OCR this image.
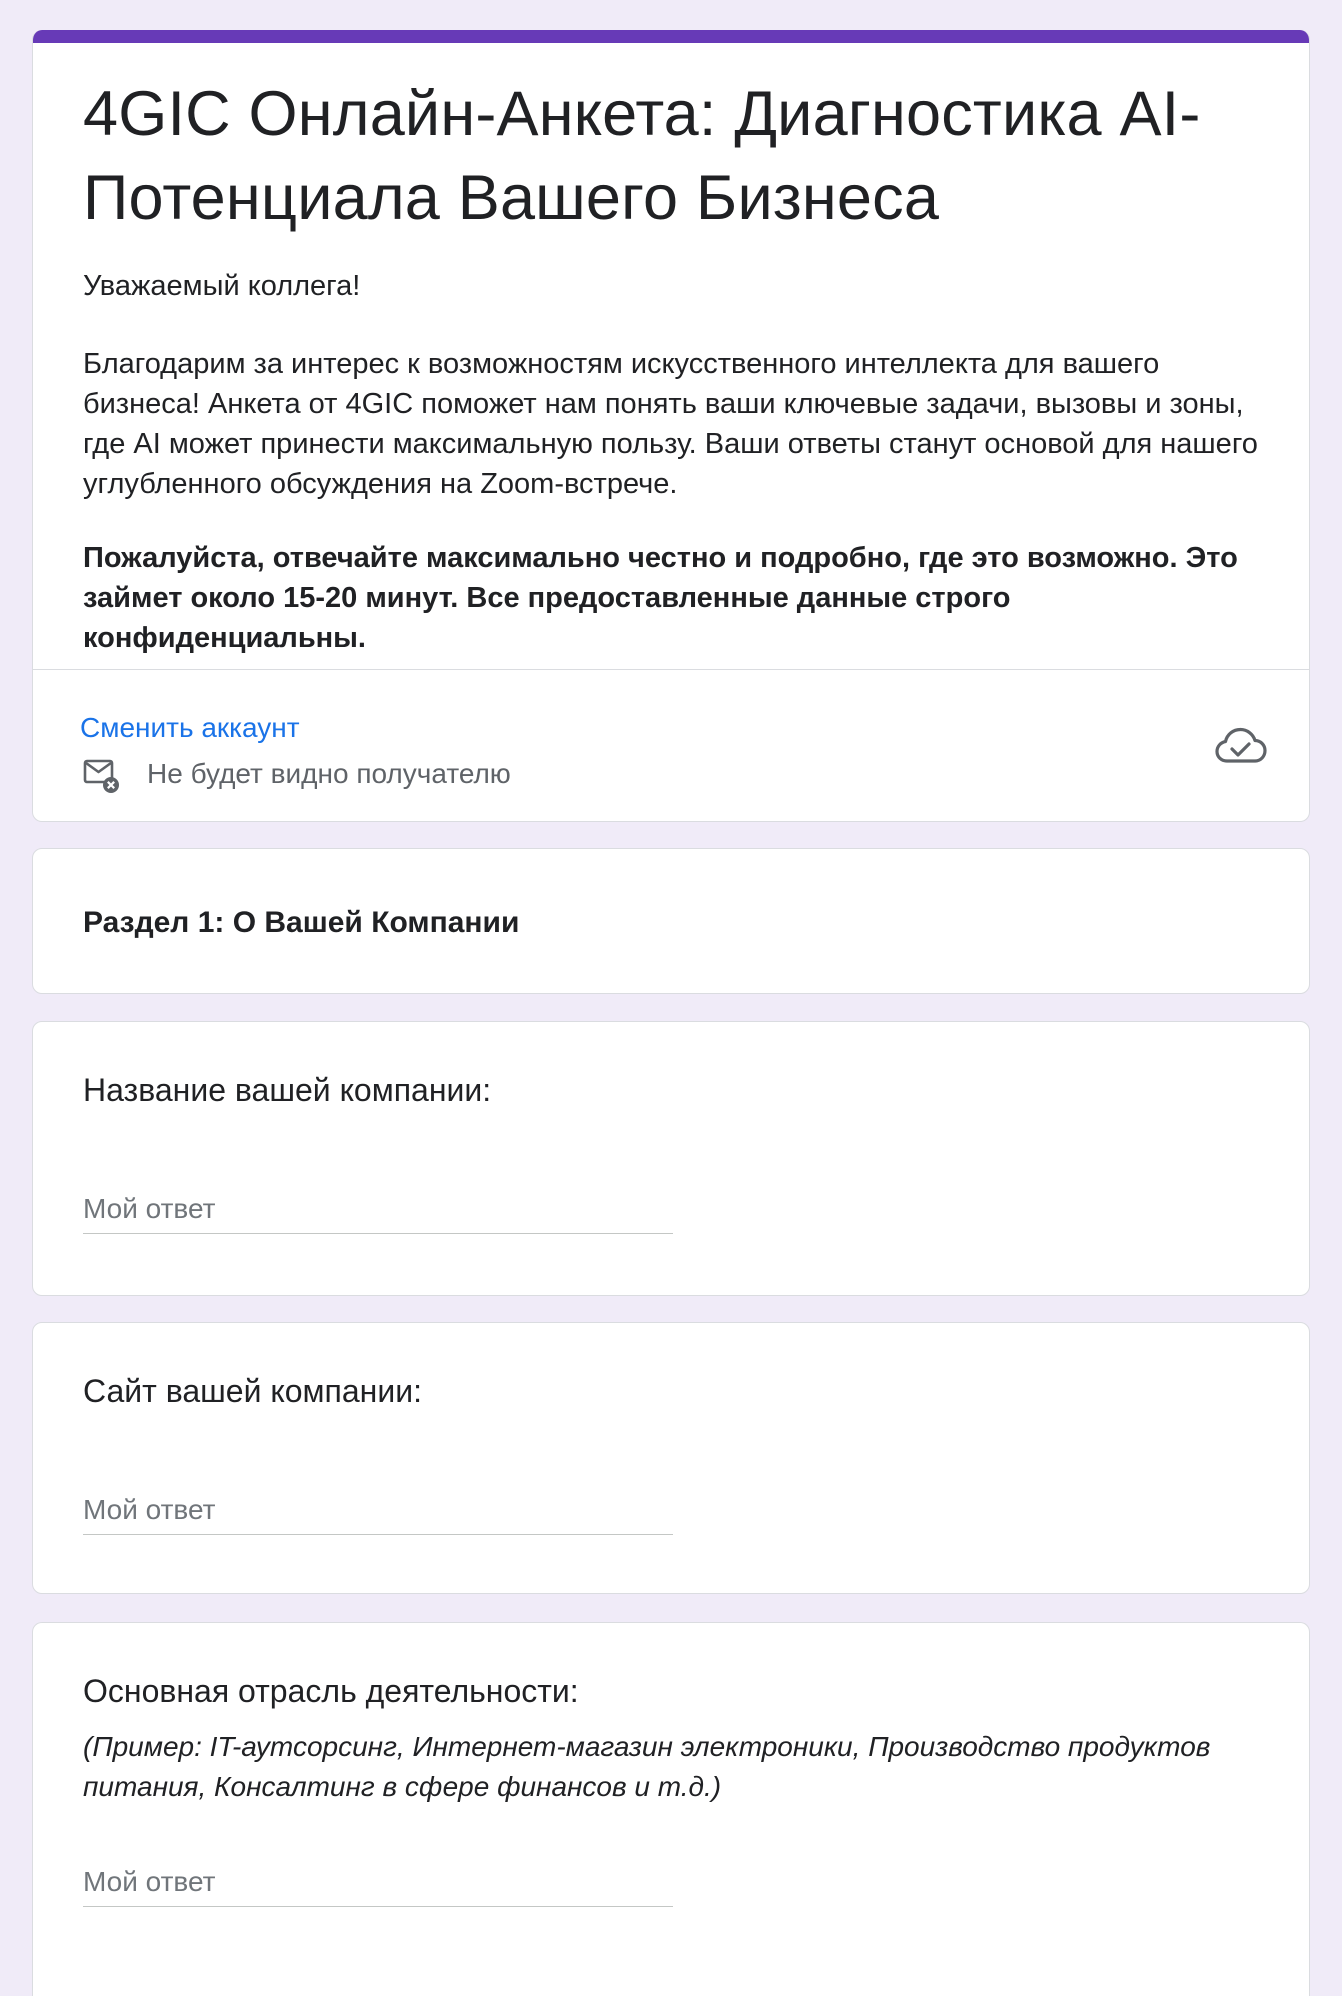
4GIC Онлайн-Анкета: Диагностика AI-Потенциала Вашего Бизнеса

Уважаемый коллега!

Благодарим за интерес к возможностям искусственного интеллекта для вашего бизнеса! Анкета от 4GIC поможет нам понять ваши ключевые задачи, вызовы и зоны, где AI может принести максимальную пользу. Ваши ответы станут основой для нашего углубленного обсуждения на Zoom-встрече.

Пожалуйста, отвечайте максимально честно и подробно, где это возможно. Это займет около 15-20 минут. Все предоставленные данные строго конфиденциальны.

Сменить аккаунт
Не будет видно получателю
Раздел 1: О Вашей Компании
Название вашей компании:
Мой ответ
Сайт вашей компании:
Мой ответ
Основная отрасль деятельности:

(Пример: IT-аутсорсинг, Интернет-магазин электроники, Производство продуктов питания, Консалтинг в сфере финансов и т.д.)

Мой ответ
